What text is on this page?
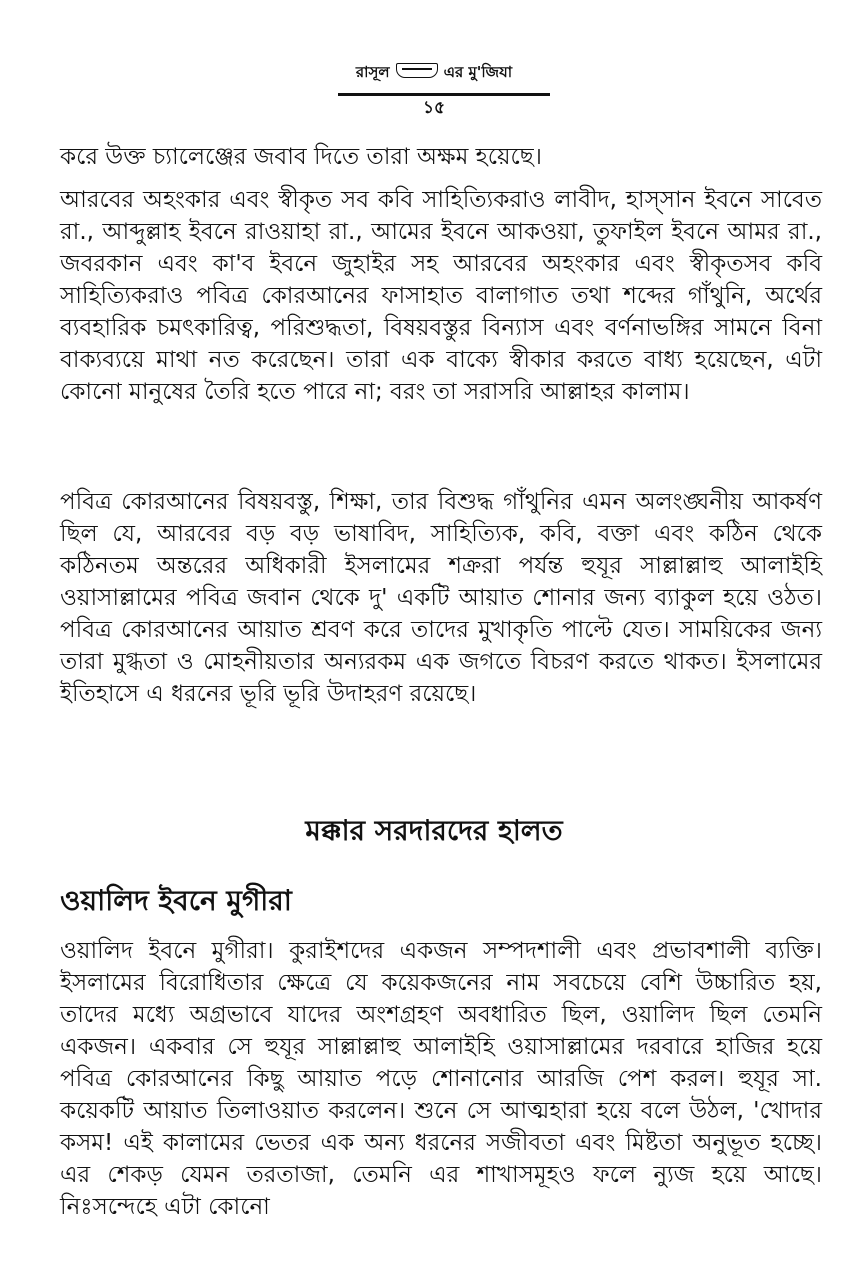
রাসূল	এর মু'জিযা
১৫

করে উক্ত চ্যালেঞ্জের জবাব দিতে তারা অক্ষম হয়েছে।

আরবের অহংকার এবং স্বীকৃত সব কবি সাহিত্যিকরাও লাবীদ, হাস্সান ইবনে সাবেত রা., আব্দুল্লাহ ইবনে রাওয়াহা রা., আমের ইবনে আকওয়া, তুফাইল ইবনে আমর রা., জবরকান এবং কা'ব ইবনে জুহাইর সহ আরবের অহংকার এবং স্বীকৃতসব কবি সাহিত্যিকরাও পবিত্র কোরআনের ফাসাহাত বালাগাত তথা শব্দের গাঁথুনি, অর্থের ব্যবহারিক চমৎকারিত্ব, পরিশুদ্ধতা, বিষয়বস্তুর বিন্যাস এবং বর্ণনাভঙ্গির সামনে বিনা বাক্যব্যয়ে মাথা নত করেছেন। তারা এক বাক্যে স্বীকার করতে বাধ্য হয়েছেন, এটা কোনো মানুষের তৈরি হতে পারে না; বরং তা সরাসরি আল্লাহর কালাম।

পবিত্র কোরআনের বিষয়বস্তু, শিক্ষা, তার বিশুদ্ধ গাঁথুনির এমন অলংঙ্ঘনীয় আকর্ষণ ছিল যে, আরবের বড় বড় ভাষাবিদ, সাহিত্যিক, কবি, বক্তা এবং কঠিন থেকে কঠিনতম অন্তরের অধিকারী ইসলামের শক্ররা পর্যন্ত হুযূর সাল্লাল্লাহু আলাইহি ওয়াসাল্লামের পবিত্র জবান থেকে দু' একটি আয়াত শোনার জন্য ব্যাকুল হয়ে ওঠত। পবিত্র কোরআনের আয়াত শ্রবণ করে তাদের মুখাকৃতি পাল্টে যেত। সাময়িকের জন্য তারা মুগ্ধতা ও মোহনীয়তার অন্যরকম এক জগতে বিচরণ করতে থাকত। ইসলামের ইতিহাসে এ ধরনের ভূরি ভূরি উদাহরণ রয়েছে।

মক্কার সরদারদের হালত
ওয়ালিদ ইবনে মুগীরা

ওয়ালিদ ইবনে মুগীরা। কুরাইশদের একজন সম্পদশালী এবং প্রভাবশালী ব্যক্তি। ইসলামের বিরোধিতার ক্ষেত্রে যে কয়েকজনের নাম সবচেয়ে বেশি উচ্চারিত হয়, তাদের মধ্যে অগ্রভাবে যাদের অংশগ্রহণ অবধারিত ছিল, ওয়ালিদ ছিল তেমনি একজন। একবার সে হুযূর সাল্লাল্লাহু আলাইহি ওয়াসাল্লামের দরবারে হাজির হয়ে পবিত্র কোরআনের কিছু আয়াত পড়ে শোনানোর আরজি পেশ করল। হুযূর সা. কয়েকটি আয়াত তিলাওয়াত করলেন। শুনে সে আত্মহারা হয়ে বলে উঠল, 'খোদার কসম! এই কালামের ভেতর এক অন্য ধরনের সজীবতা এবং মিষ্টতা অনুভূত হচ্ছে। এর শেকড় যেমন তরতাজা, তেমনি এর শাখাসমূহও ফলে ন্যুজ হয়ে আছে। নিঃসন্দেহে এটা কোনো
